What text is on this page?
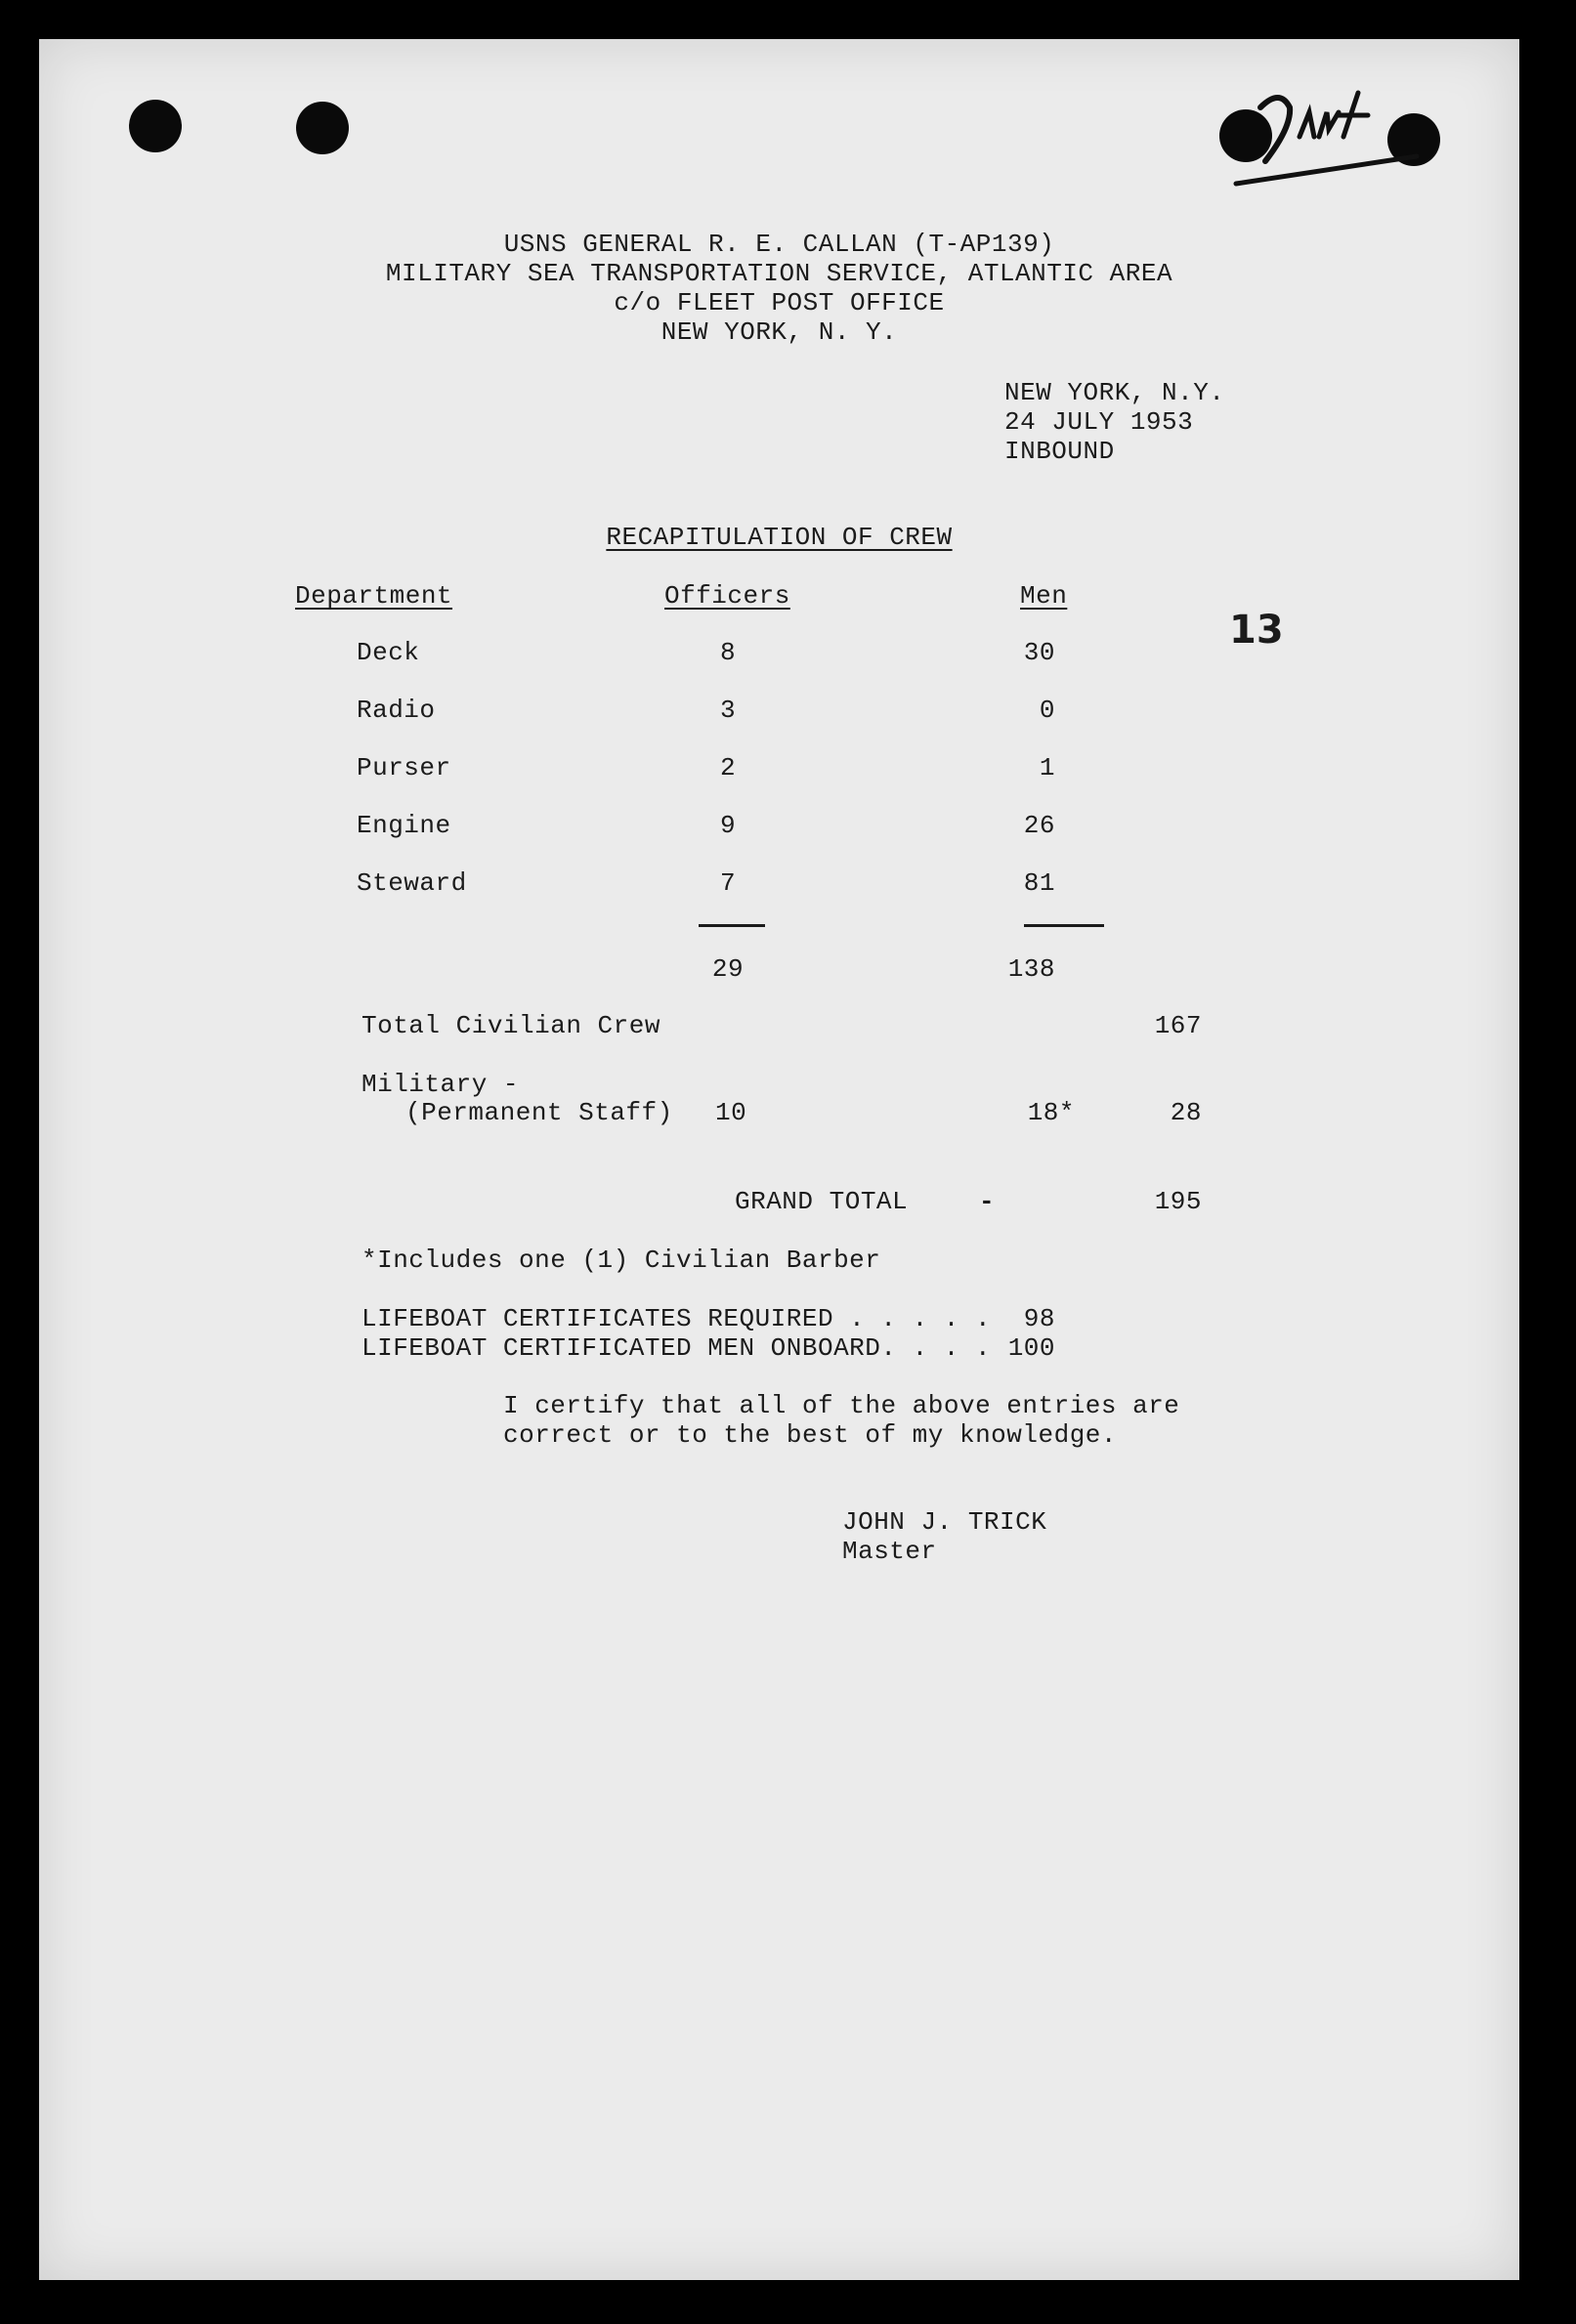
USNS GENERAL R. E. CALLAN (T-AP139)
MILITARY SEA TRANSPORTATION SERVICE, ATLANTIC AREA
c/o FLEET POST OFFICE
NEW YORK, N. Y.
NEW YORK, N.Y.
24 JULY 1953
INBOUND
RECAPITULATION OF CREW
13
Department	Officers	Men
Deck	8	30
Radio	3	0
Purser	2	1
Engine	9	26
Steward	7	81
29	138
Total Civilian Crew	167
Military -
(Permanent Staff) 10	18*	28
GRAND TOTAL	-	195
*Includes one (1) Civilian Barber
LIFEBOAT CERTIFICATES REQUIRED . . . . .	98
LIFEBOAT CERTIFICATED MEN ONBOARD. . . . 100
I certify that all of the above entries are
correct or to the best of my knowledge.
JOHN J. TRICK
Master
